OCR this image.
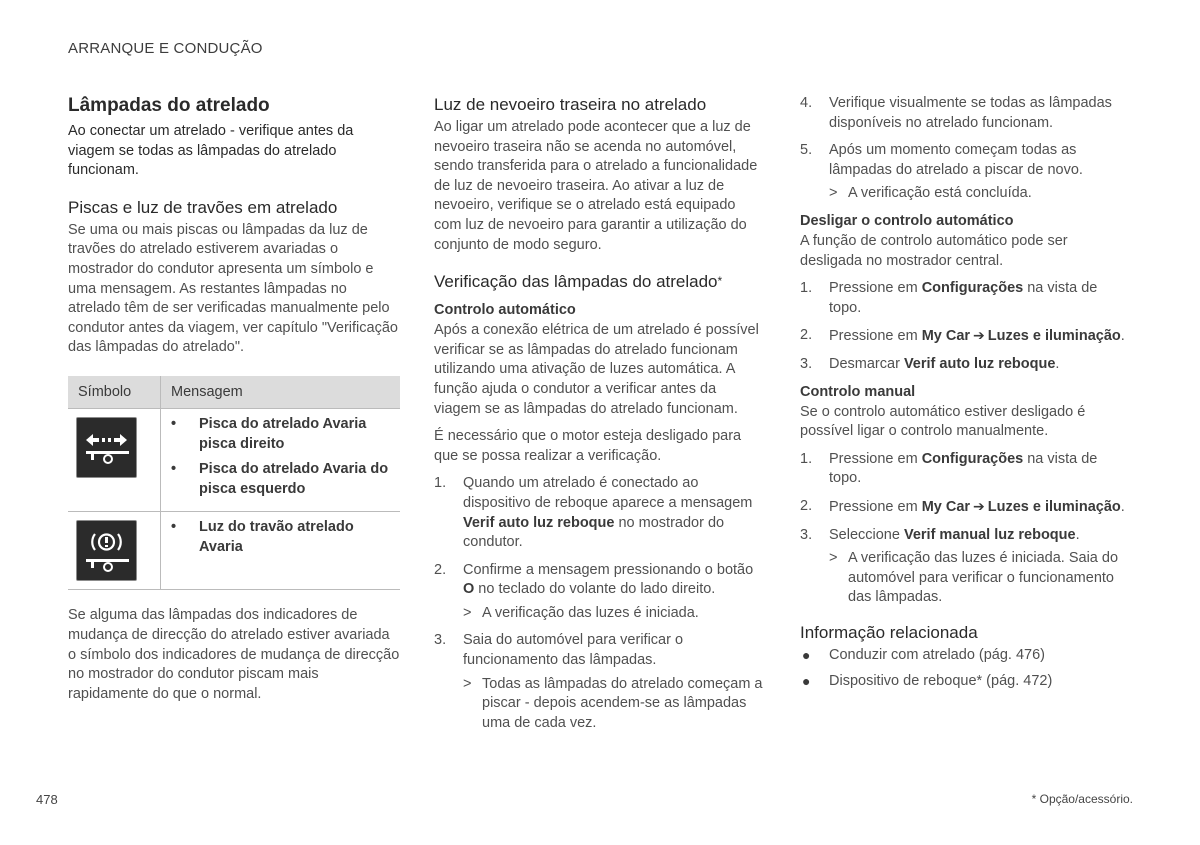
ARRANQUE E CONDUÇÃO
Lâmpadas do atrelado

Ao conectar um atrelado - verifique antes da viagem se todas as lâmpadas do atrelado funcionam.

Piscas e luz de travões em atrelado

Se uma ou mais piscas ou lâmpadas da luz de travões do atrelado estiverem avariadas o mostrador do condutor apresenta um símbolo e uma mensagem. As restantes lâmpadas no atrelado têm de ser verificadas manualmente pelo condutor antes da viagem, ver capítulo "Verificação das lâmpadas do atrelado".

Símbolo	Mensagem

• Pisca do atrelado Avaria pisca direito
• Pisca do atrelado Avaria do pisca esquerdo

• Luz do travão atrelado Avaria

Se alguma das lâmpadas dos indicadores de mudança de direcção do atrelado estiver avariada o símbolo dos indicadores de mudança de direcção no mostrador do condutor piscam mais rapidamente do que o normal.

Luz de nevoeiro traseira no atrelado

Ao ligar um atrelado pode acontecer que a luz de nevoeiro traseira não se acenda no automóvel, sendo transferida para o atrelado a funcionalidade de luz de nevoeiro traseira. Ao ativar a luz de nevoeiro, verifique se o atrelado está equipado com luz de nevoeiro para garantir a utilização do conjunto de modo seguro.

Verificação das lâmpadas do atrelado*
Controlo automático

Após a conexão elétrica de um atrelado é possível verificar se as lâmpadas do atrelado funcionam utilizando uma ativação de luzes automática. A função ajuda o condutor a verificar antes da viagem se as lâmpadas do atrelado funcionam.

É necessário que o motor esteja desligado para que se possa realizar a verificação.

1. Quando um atrelado é conectado ao dispositivo de reboque aparece a mensagem Verif auto luz reboque no mostrador do condutor.
2. Confirme a mensagem pressionando o botão O no teclado do volante do lado direito.
> A verificação das luzes é iniciada.
3. Saia do automóvel para verificar o funcionamento das lâmpadas.
> Todas as lâmpadas do atrelado começam a piscar - depois acendem-se as lâmpadas uma de cada vez.
4. Verifique visualmente se todas as lâmpadas disponíveis no atrelado funcionam.
5. Após um momento começam todas as lâmpadas do atrelado a piscar de novo.
> A verificação está concluída.
Desligar o controlo automático

A função de controlo automático pode ser desligada no mostrador central.

1. Pressione em Configurações na vista de topo.
2. Pressione em My Car ➔ Luzes e iluminação.
3. Desmarcar Verif auto luz reboque.
Controlo manual

Se o controlo automático estiver desligado é possível ligar o controlo manualmente.

1. Pressione em Configurações na vista de topo.
2. Pressione em My Car ➔ Luzes e iluminação.
3. Seleccione Verif manual luz reboque.
> A verificação das luzes é iniciada. Saia do automóvel para verificar o funcionamento das lâmpadas.
Informação relacionada
● Conduzir com atrelado (pág. 476)
● Dispositivo de reboque* (pág. 472)
478	* Opção/acessório.
